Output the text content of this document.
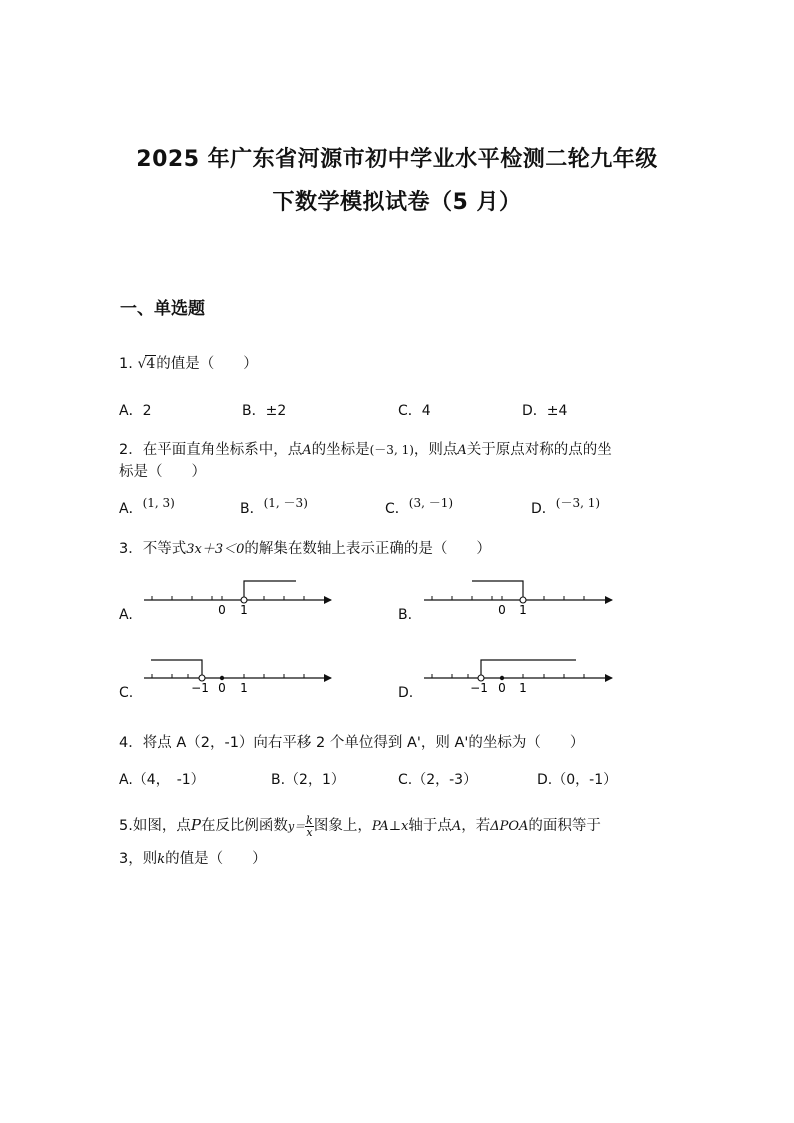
2025 年广东省河源市初中学业水平检测二轮九年级
下数学模拟试卷（5 月）
一、单选题
1. √4的值是（　　）
A．2	B．±2	C．4	D．±4
2．在平面直角坐标系中，点A的坐标是(－3, 1)，则点A关于原点对称的点的坐
标是（　　）
A．(1, 3)	B．(1, －3)	C．(3, －1)	D．(－3, 1)
3．不等式3x＋3＜0的解集在数轴上表示正确的是（　　）
0 1	0 1
−1 0 1	−1 0 1
A.	B.
C.	D.
4．将点 A（2，-1）向右平移 2 个单位得到 A'，则 A'的坐标为（　　）
A.（4，　-1）	B.（2，1）	C.（2，-3）	D.（0，-1）
5.如图，点P在反比例函数$y= \frac{k}{x}$ 图象上，PA⊥x轴于点A，若ΔPOA的面积等于
3，则k的值是（　　）
